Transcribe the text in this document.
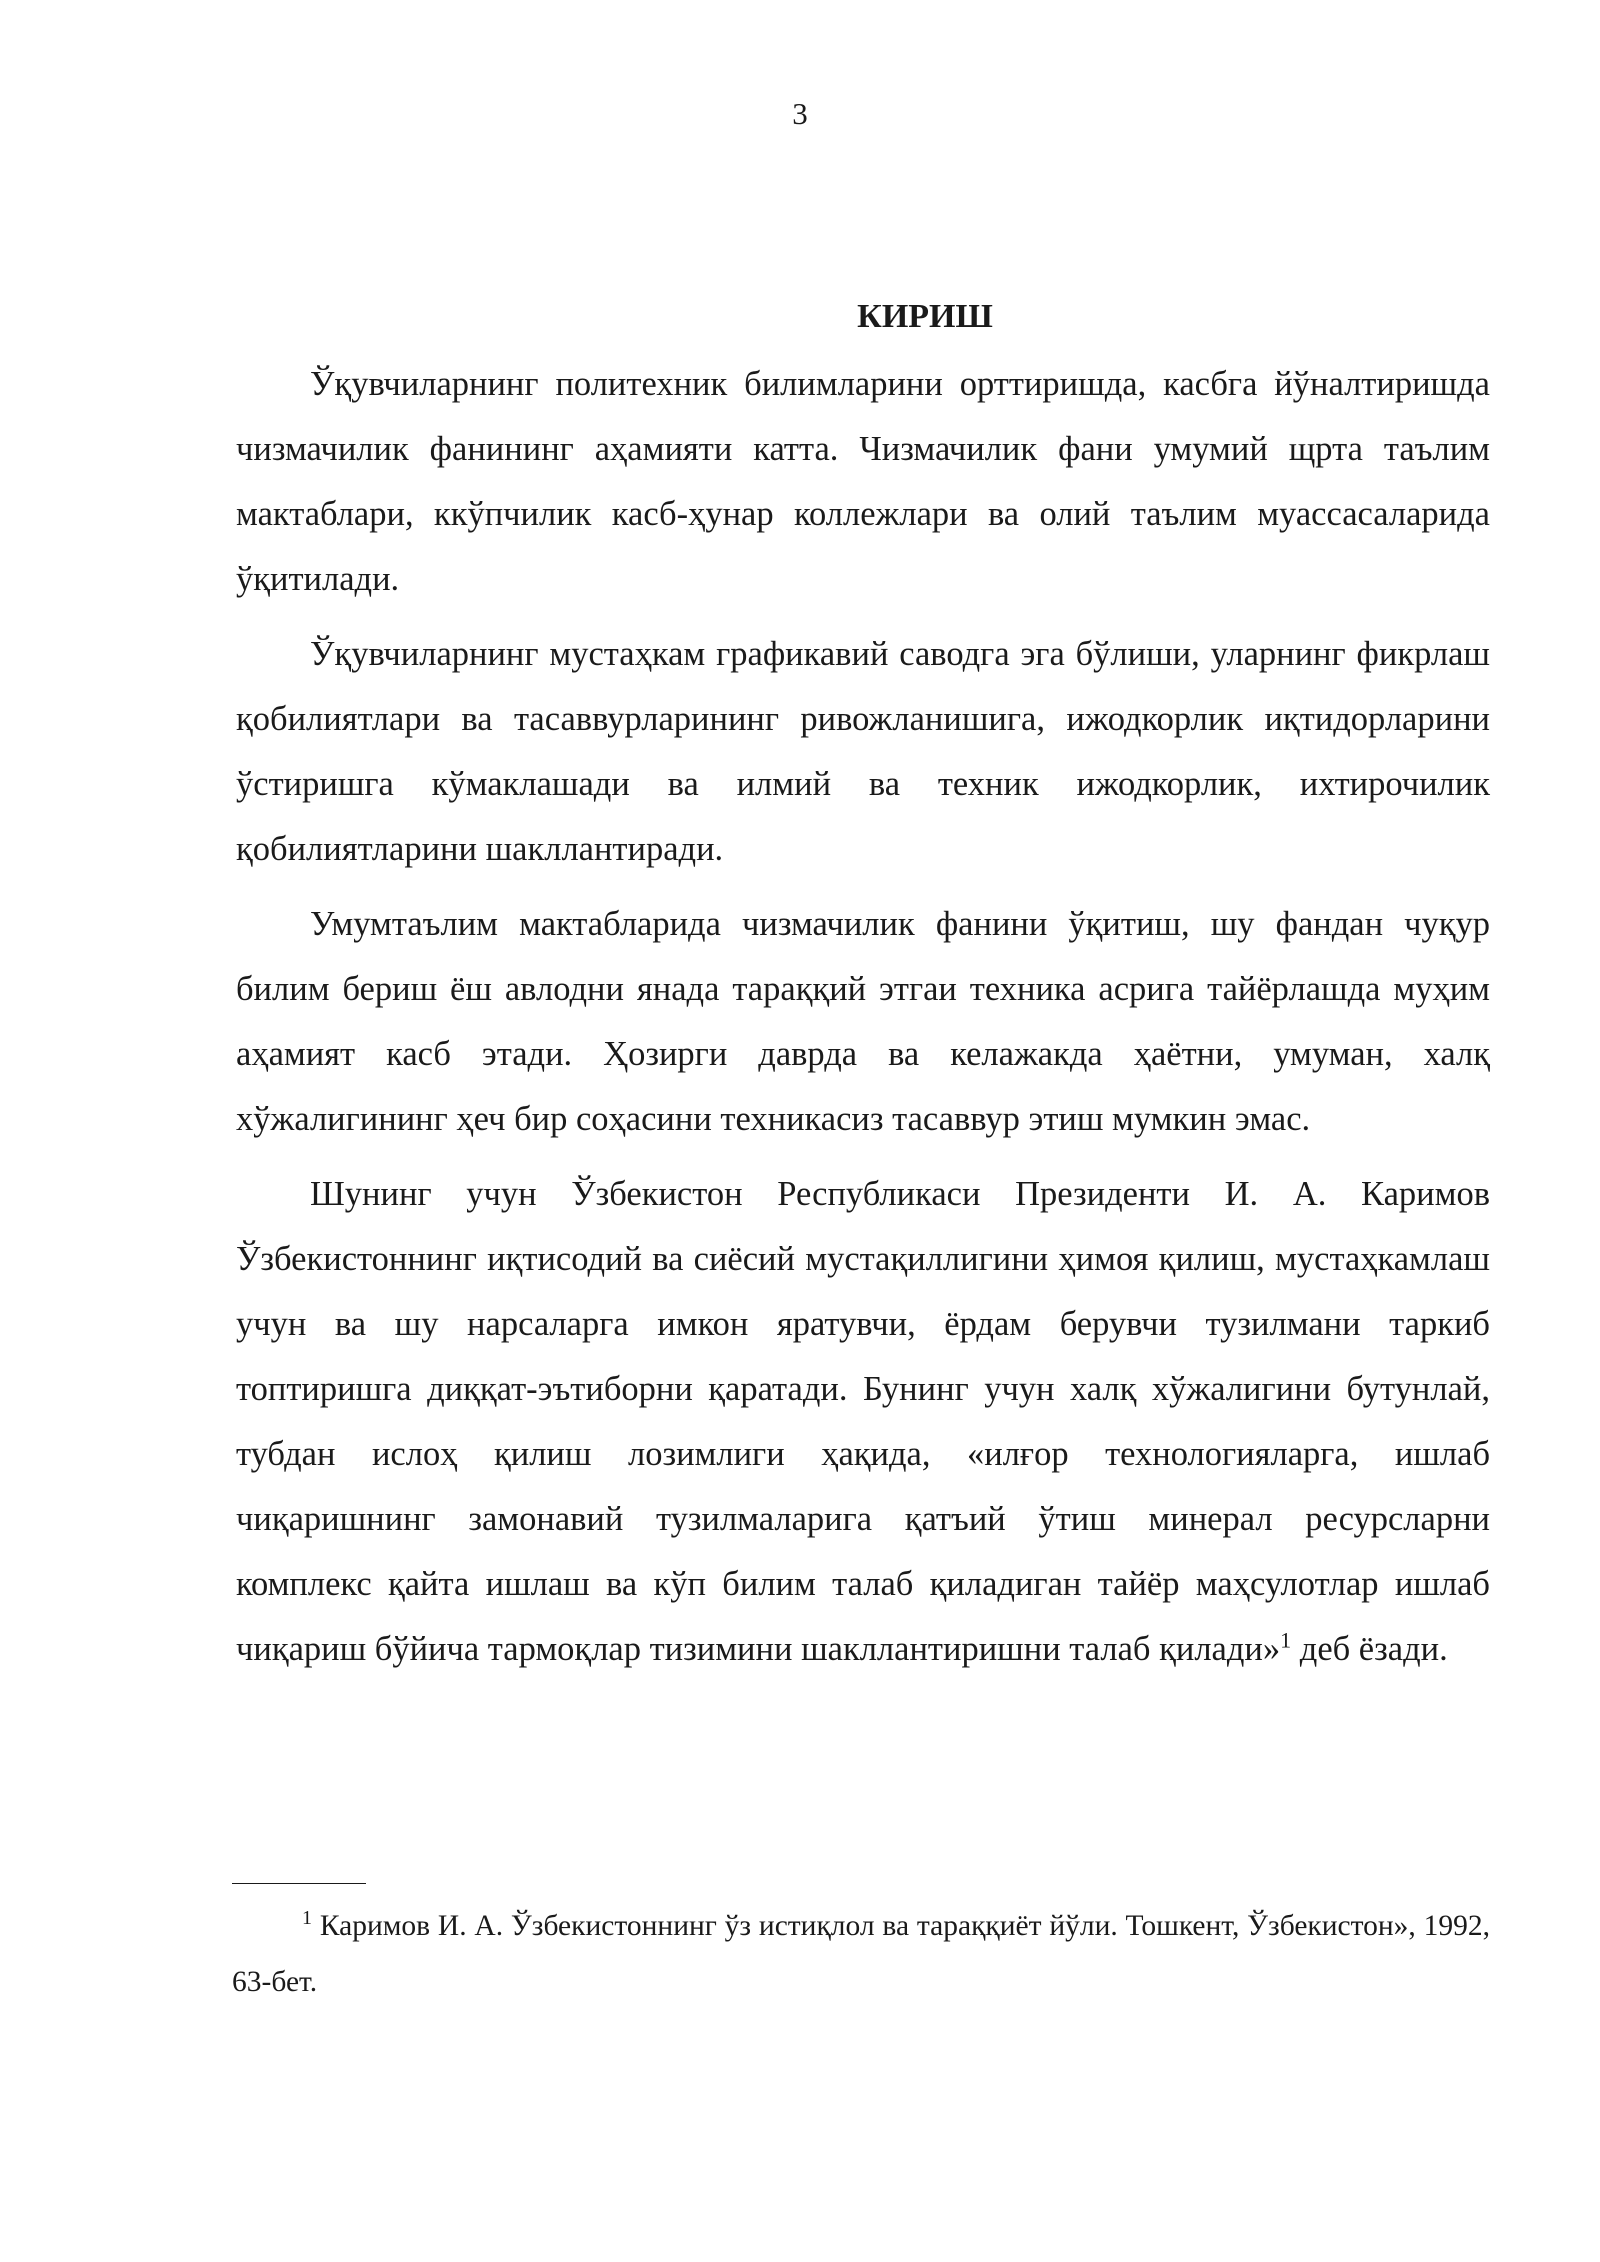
3
КИРИШ

Ўқувчиларнинг политехник билимларини орттиришда, касбга йўналтиришда чизмачилик фанининг аҳамияти катта. Чизмачилик фани умумий щрта таълим мактаблари, ккўпчилик касб-ҳунар коллежлари ва олий таълим муассасаларида ўқитилади.

Ўқувчиларнинг мустаҳкам графикавий саводга эга бўлиши, уларнинг фикрлаш қобилиятлари ва тасаввурларининг ривожланишига, ижодкорлик иқтидорларини ўстиришга кўмаклашади ва илмий ва техник ижодкорлик, ихтирочилик қобилиятларини шакллантиради.

Умумтаълим мактабларида чизмачилик фанини ўқитиш, шу фандан чуқур билим бериш ёш авлодни янада тараққий этгаи техника асрига тайёрлашда муҳим аҳамият касб этади. Ҳозирги даврда ва келажакда ҳаётни, умуман, халқ хўжалигининг ҳеч бир соҳасини техникасиз тасаввур этиш мумкин эмас.

Шунинг учун Ўзбекистон Республикаси Президенти И. А. Каримов Ўзбекистоннинг иқтисодий ва сиёсий мустақиллигини ҳимоя қилиш, мустаҳкамлаш учун ва шу нарсаларга имкон яратувчи, ёрдам берувчи тузилмани таркиб топтиришга диққат-эътиборни қаратади. Бунинг учун халқ хўжалигини бутунлай, тубдан ислоҳ қилиш лозимлиги ҳақида, «илғор технологияларга, ишлаб чиқаришнинг замонавий тузилмаларига қатъий ўтиш минерал ресурсларни комплекс қайта ишлаш ва кўп билим талаб қиладиган тайёр маҳсулотлар ишлаб чиқариш бўйича тармоқлар тизимини шакллантиришни талаб қилади»$^1$ деб ёзади.

$^1$ Каримов И. А. Ўзбекистоннинг ўз истиқлол ва тараққиёт йўли. Тошкент, Ўзбекистон», 1992, 63-бет.
